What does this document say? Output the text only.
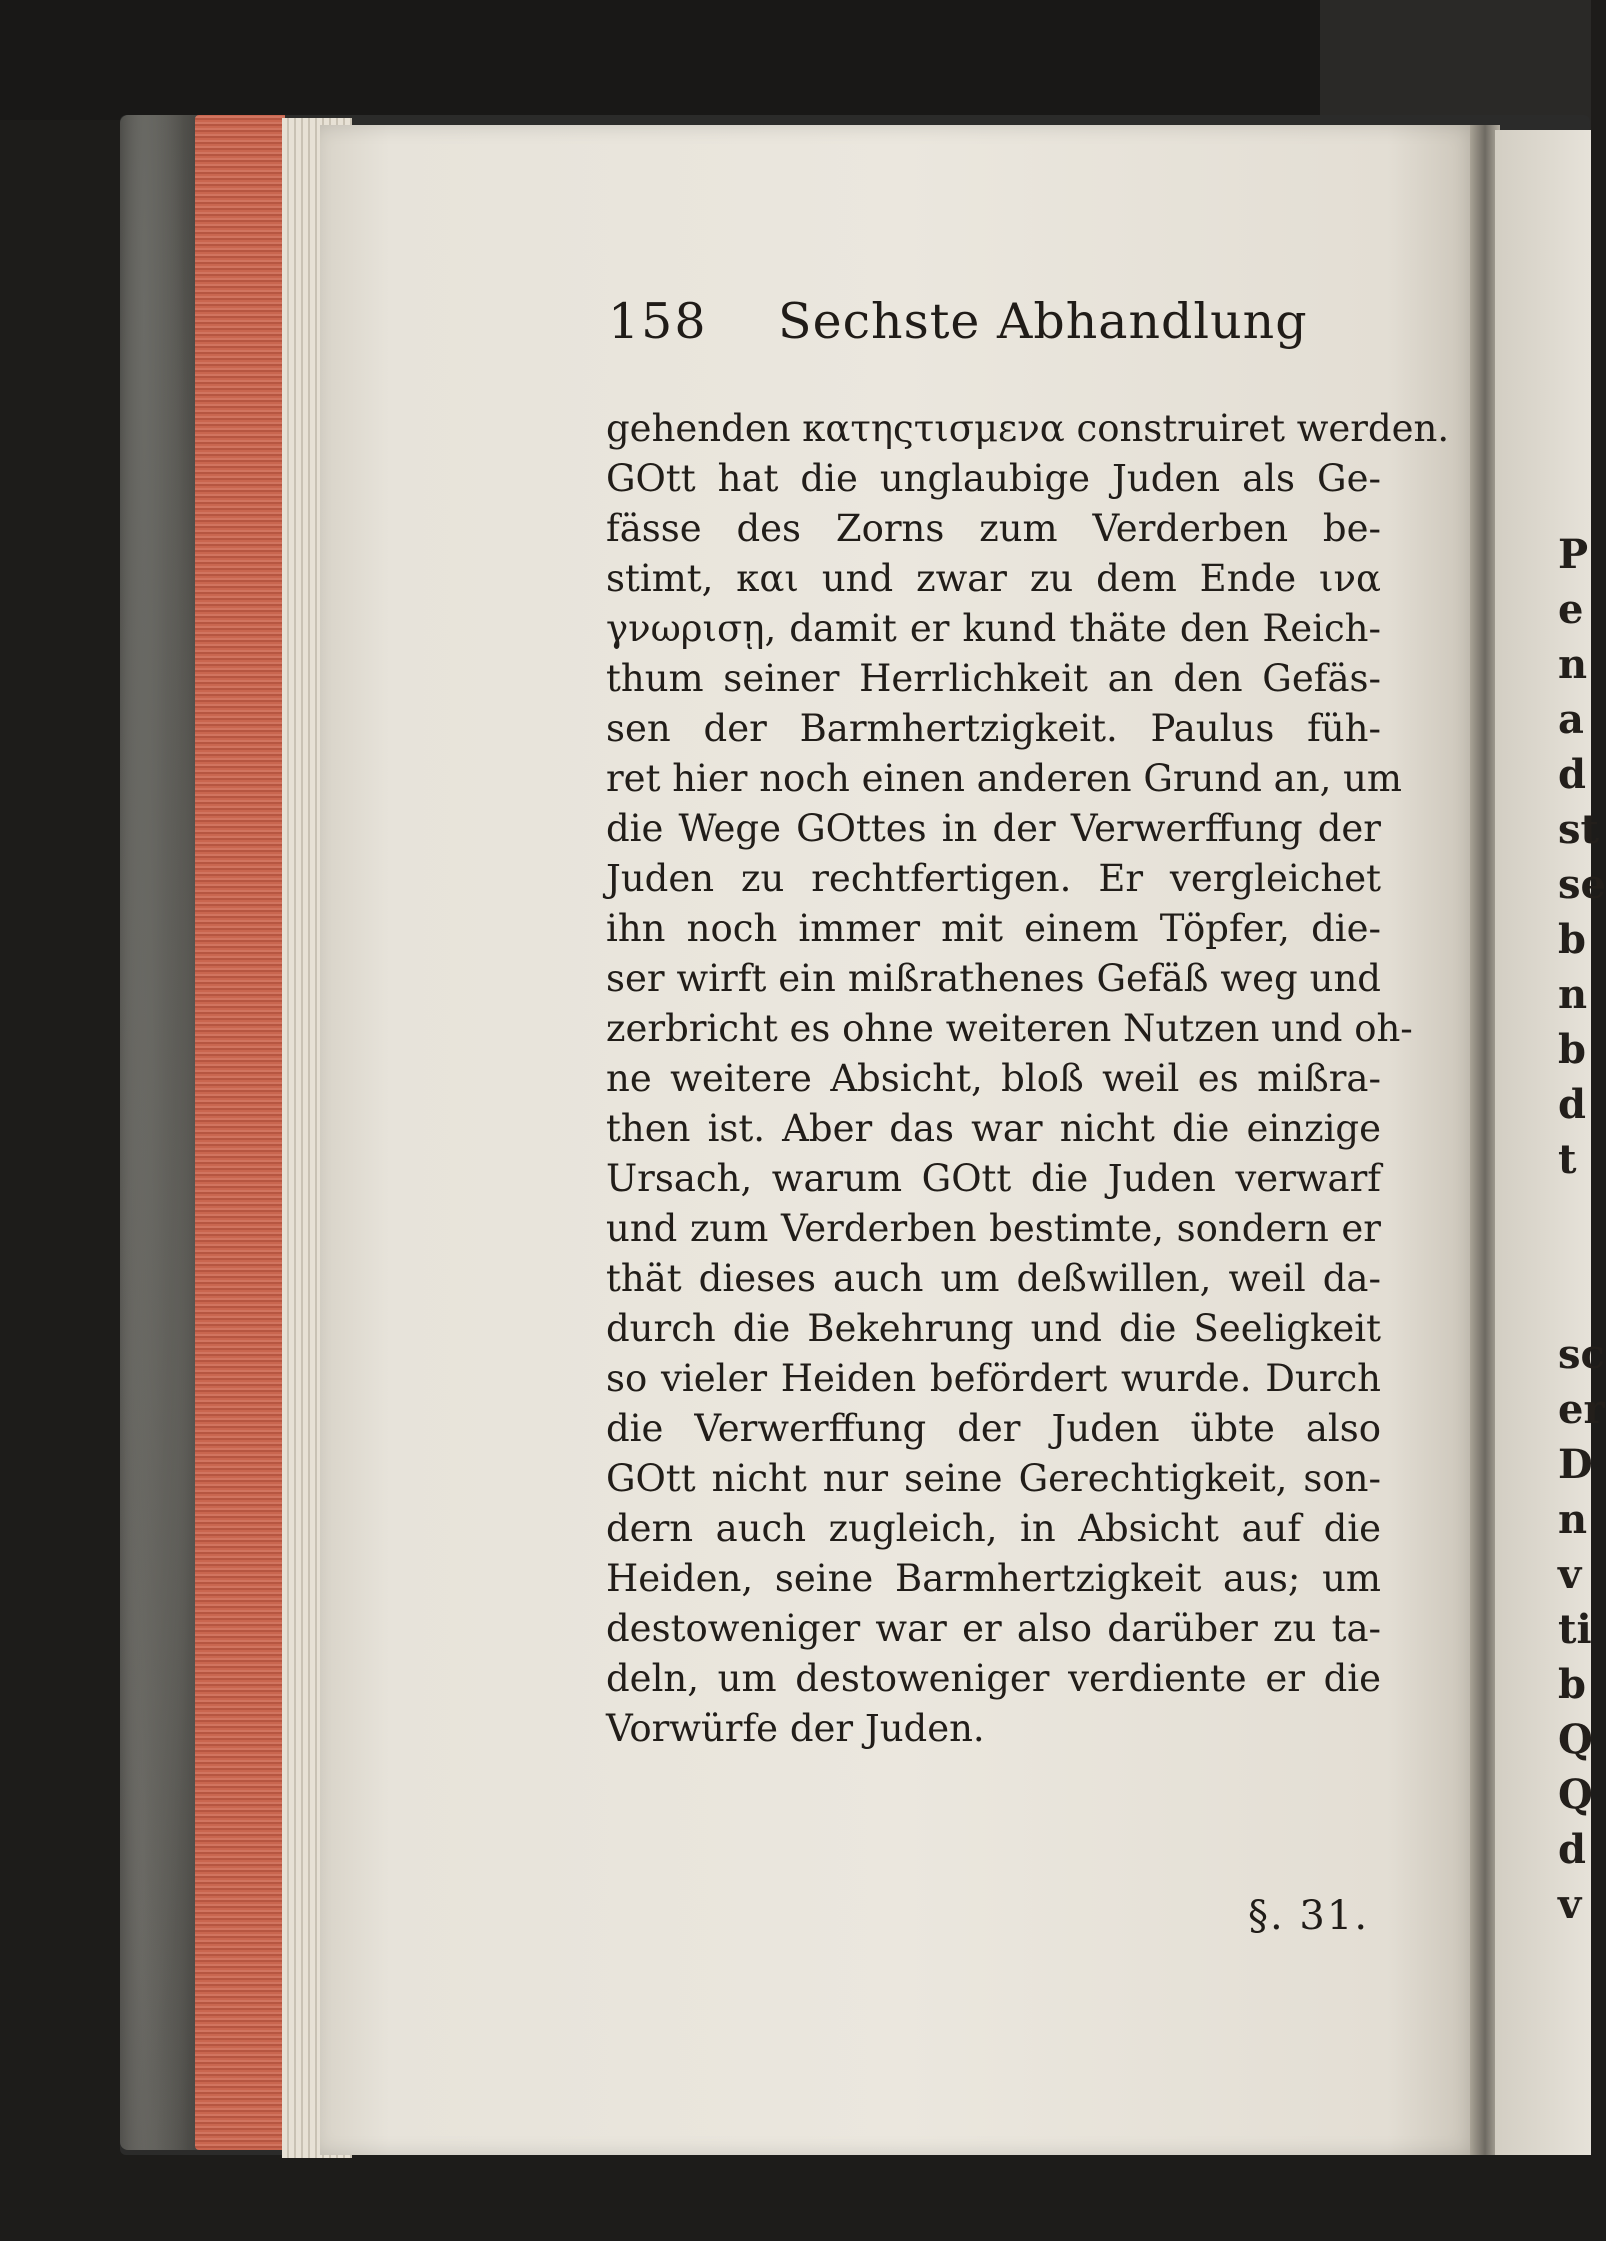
158 Sechste Abhandlung
gehenden κατηςτισμενα construiret werden.
GOtt hat die unglaubige Juden als Ge-
fässe des Zorns zum Verderben be-
stimt, και und zwar zu dem Ende ινα
γνωρισῃ, damit er kund thäte den Reich-
thum seiner Herrlichkeit an den Gefäs-
sen der Barmhertzigkeit. Paulus füh-
ret hier noch einen anderen Grund an, um
die Wege GOttes in der Verwerffung der
Juden zu rechtfertigen. Er vergleichet
ihn noch immer mit einem Töpfer, die-
ser wirft ein mißrathenes Gefäß weg und
zerbricht es ohne weiteren Nutzen und oh-
ne weitere Absicht, bloß weil es mißra-
then ist. Aber das war nicht die einzige
Ursach, warum GOtt die Juden verwarf
und zum Verderben bestimte, sondern er
thät dieses auch um deßwillen, weil da-
durch die Bekehrung und die Seeligkeit
so vieler Heiden befördert wurde. Durch
die Verwerffung der Juden übte also
GOtt nicht nur seine Gerechtigkeit, son-
dern auch zugleich, in Absicht auf die
Heiden, seine Barmhertzigkeit aus; um
destoweniger war er also darüber zu ta-
deln, um destoweniger verdiente er die
Vorwürfe der Juden.
§. 31.
P
e
n
a
d
st
se
b
n
b
d
t
sc
er
D
n
v
ti
b
Q
Q
d
v
